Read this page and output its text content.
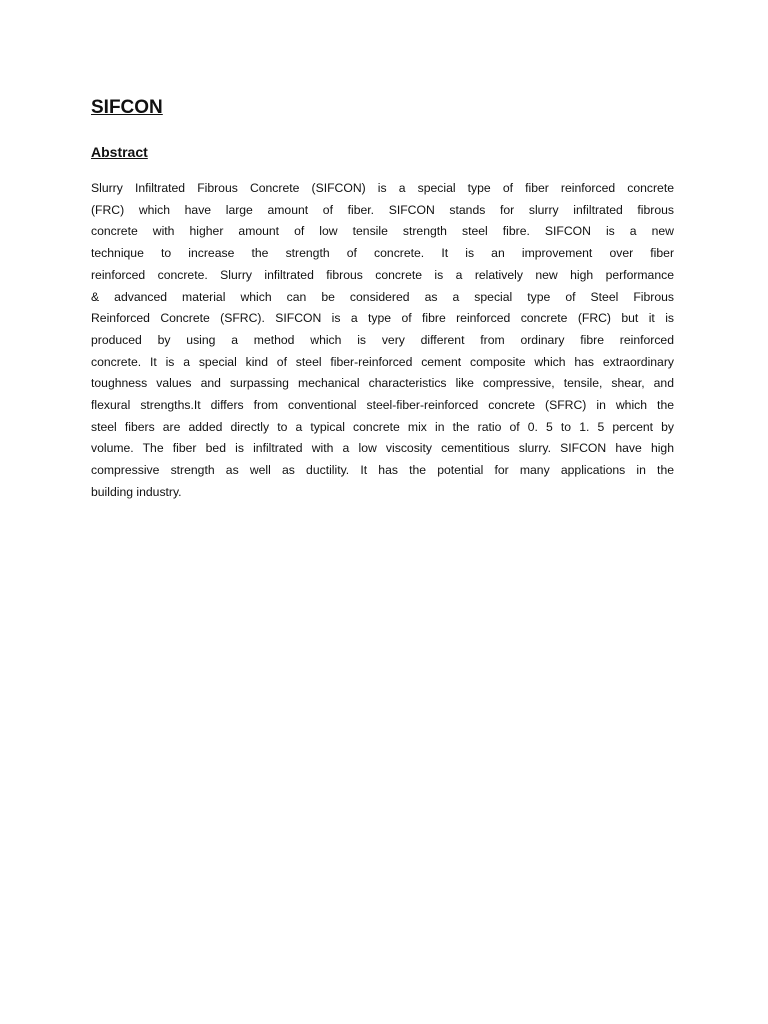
SIFCON
Abstract
Slurry Infiltrated Fibrous Concrete (SIFCON) is a special type of fiber reinforced concrete
(FRC) which have large amount of fiber. SIFCON stands for slurry infiltrated fibrous
concrete with higher amount of low tensile strength steel fibre. SIFCON is a new
technique to increase the strength of concrete. It is an improvement over fiber
reinforced concrete. Slurry infiltrated fibrous concrete is a relatively new high performance
& advanced material which can be considered as a special type of Steel Fibrous
Reinforced Concrete (SFRC). SIFCON is a type of fibre reinforced concrete (FRC) but it is
produced by using a method which is very different from ordinary fibre reinforced
concrete. It is a special kind of steel fiber-reinforced cement composite which has extraordinary
toughness values and surpassing mechanical characteristics like compressive, tensile, shear, and
flexural strengths.It differs from conventional steel-fiber-reinforced concrete (SFRC) in which the
steel fibers are added directly to a typical concrete mix in the ratio of 0. 5 to 1. 5 percent by
volume. The fiber bed is infiltrated with a low viscosity cementitious slurry. SIFCON have high
compressive strength as well as ductility. It has the potential for many applications in the
building industry.
